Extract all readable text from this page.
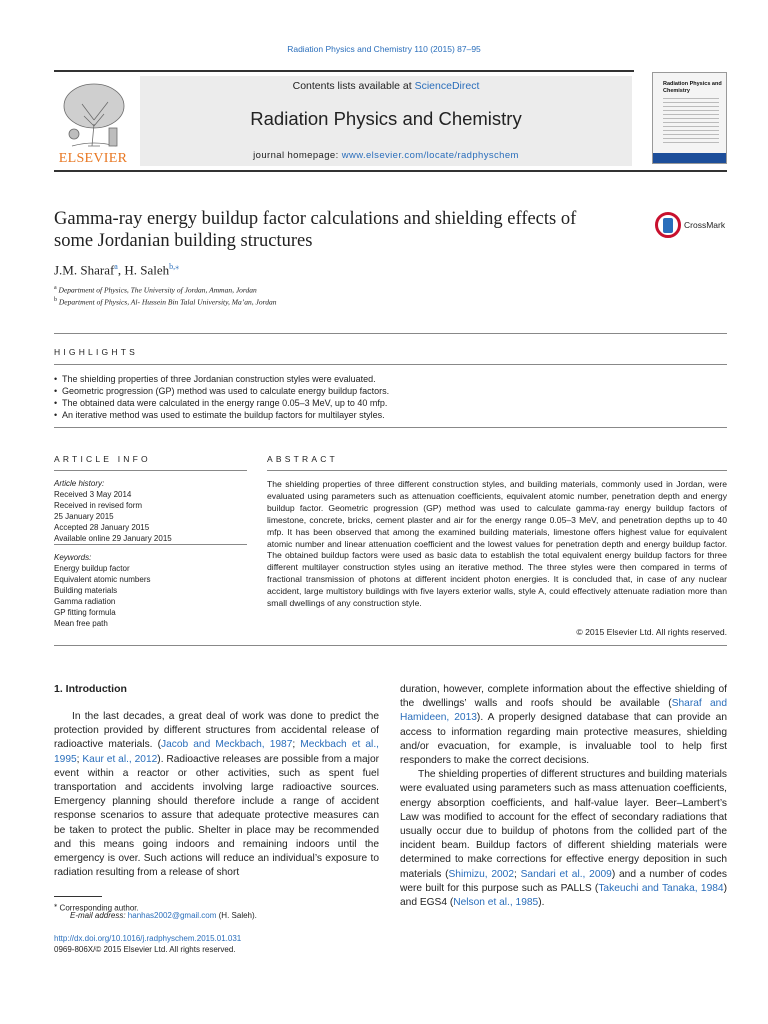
Radiation Physics and Chemistry 110 (2015) 87–95
ELSEVIER
Contents lists available at ScienceDirect
Radiation Physics and Chemistry
journal homepage: www.elsevier.com/locate/radphyschem
Radiation Physics and Chemistry
Gamma-ray energy buildup factor calculations and shielding effects of
some Jordanian building structures
CrossMark
J.M. Sharaf$^a$, H. Saleh$^{b,⁎}$
$^a$ Department of Physics, The University of Jordan, Amman, Jordan
$^b$ Department of Physics, Al- Hussein Bin Talal University, Ma’an, Jordan
HIGHLIGHTS
• The shielding properties of three Jordanian construction styles were evaluated.
• Geometric progression (GP) method was used to calculate energy buildup factors.
• The obtained data were calculated in the energy range 0.05–3 MeV, up to 40 mfp.
• An iterative method was used to estimate the buildup factors for multilayer styles.
ARTICLE INFO
Article history:
Received 3 May 2014
Received in revised form
25 January 2015
Accepted 28 January 2015
Available online 29 January 2015
Keywords:
Energy buildup factor
Equivalent atomic numbers
Building materials
Gamma radiation
GP fitting formula
Mean free path
ABSTRACT
The shielding properties of three different construction styles, and building materials, commonly used in Jordan, were evaluated using parameters such as attenuation coefficients, equivalent atomic number, penetration depth and energy buildup factor. Geometric progression (GP) method was used to calculate gamma-ray energy buildup factors of limestone, concrete, bricks, cement plaster and air for the energy range 0.05–3 MeV, and penetration depths up to 40 mfp. It has been observed that among the examined building materials, limestone offers highest value for equivalent atomic number and linear attenuation coefficient and the lowest values for penetration depth and energy buildup factor. The obtained buildup factors were used as basic data to establish the total equivalent energy buildup factors for three different multilayer construction styles using an iterative method. The three styles were then compared in terms of fractional transmission of photons at different incident photon energies. It is concluded that, in case of any nuclear accident, large multistory buildings with five layers exterior walls, style A, could effectively attenuate radiation more than small dwellings of any construction style.
© 2015 Elsevier Ltd. All rights reserved.
1. Introduction

In the last decades, a great deal of work was done to predict the protection provided by different structures from accidental release of radioactive materials. (Jacob and Meckbach, 1987; Meckbach et al., 1995; Kaur et al., 2012). Radioactive releases are possible from a major event within a reactor or other activities, such as spent fuel transportation and accidents involving large radioactive sources. Emergency planning should therefore include a range of accident response scenarios to assure that adequate protective measures can be taken to protect the public. Shelter in place may be recommended and this means going indoors and remaining indoors until the emergency is over. Such actions will reduce an individual’s exposure to radiation resulting from a release of short

duration, however, complete information about the effective shielding of the dwellings’ walls and roofs should be available (Sharaf and Hamideen, 2013). A properly designed database that can provide an access to information regarding main protective measures, shielding and/or evacuation, for example, is invaluable tool to help first responders to make the correct decisions.

The shielding properties of different structures and building materials were evaluated using parameters such as mass attenuation coefficients, energy absorption coefficients, and half-value layer. Beer–Lambert’s Law was modified to account for the effect of secondary radiations that usually occur due to buildup of photons from the collided part of the incident beam. Buildup factors of different shielding materials were determined to make corrections for effective energy deposition in such materials (Shimizu, 2002; Sandari et al., 2009) and a number of codes were built for this purpose such as PALLS (Takeuchi and Tanaka, 1984) and EGS4 (Nelson et al., 1985).

⁎ Corresponding author.
E-mail address: hanhas2002@gmail.com (H. Saleh).
http://dx.doi.org/10.1016/j.radphyschem.2015.01.031
0969-806X/© 2015 Elsevier Ltd. All rights reserved.
